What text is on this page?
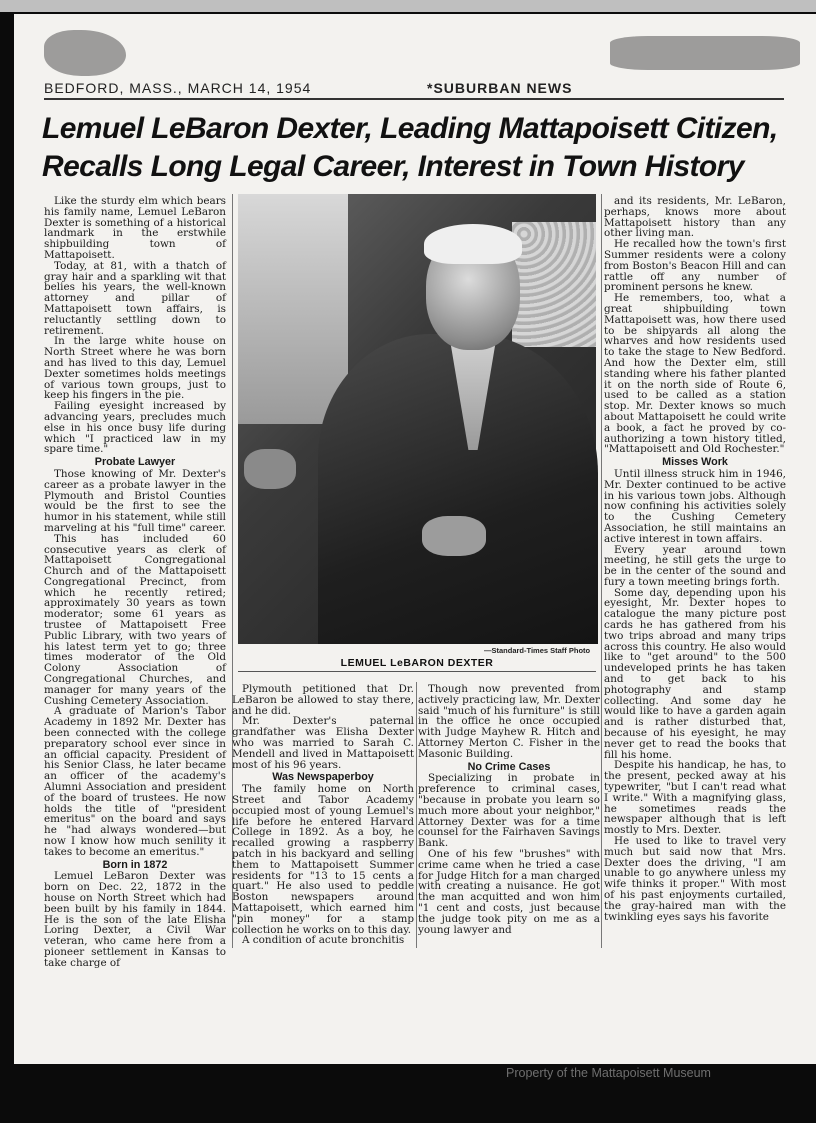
BEDFORD, MASS., MARCH 14, 1954	*SUBURBAN NEWS
Lemuel LeBaron Dexter, Leading Mattapoisett Citizen,
Recalls Long Legal Career, Interest in Town History

Like the sturdy elm which bears his family name, Lemuel LeBaron Dexter is something of a historical landmark in the erstwhile shipbuilding town of Mattapoisett.

Today, at 81, with a thatch of gray hair and a sparkling wit that belies his years, the well-known attorney and pillar of Mattapoisett town affairs, is reluctantly settling down to retirement.

In the large white house on North Street where he was born and has lived to this day, Lemuel Dexter sometimes holds meetings of various town groups, just to keep his fingers in the pie.

Failing eyesight increased by advancing years, precludes much else in his once busy life during which "I practiced law in my spare time."

Probate Lawyer

Those knowing of Mr. Dexter's career as a probate lawyer in the Plymouth and Bristol Counties would be the first to see the humor in his statement, while still marveling at his "full time" career.

This has included 60 consecutive years as clerk of Mattapoisett Congregational Church and of the Mattapoisett Congregational Precinct, from which he recently retired; approximately 30 years as town moderator; some 61 years as trustee of Mattapoisett Free Public Library, with two years of his latest term yet to go; three times moderator of the Old Colony Association of Congregational Churches, and manager for many years of the Cushing Cemetery Association.

A graduate of Marion's Tabor Academy in 1892 Mr. Dexter has been connected with the college preparatory school ever since in an official capacity. President of his Senior Class, he later became an officer of the academy's Alumni Association and president of the board of trustees. He now holds the title of "president emeritus" on the board and says he "had always wondered—but now I know how much senility it takes to become an emeritus."

Born in 1872

Lemuel LeBaron Dexter was born on Dec. 22, 1872 in the house on North Street which had been built by his family in 1844. He is the son of the late Elisha Loring Dexter, a Civil War veteran, who came here from a pioneer settlement in Kansas to take charge of

—Standard-Times Staff Photo
LEMUEL LeBARON DEXTER

Plymouth petitioned that Dr. LeBaron be allowed to stay there, and he did.

Mr. Dexter's paternal grandfather was Elisha Dexter who was married to Sarah C. Mendell and lived in Mattapoisett most of his 96 years.

Was Newspaperboy

The family home on North Street and Tabor Academy occupied most of young Lemuel's life before he entered Harvard College in 1892. As a boy, he recalled growing a raspberry patch in his backyard and selling them to Mattapoisett Summer residents for "13 to 15 cents a quart." He also used to peddle Boston newspapers around Mattapoisett, which earned him "pin money" for a stamp collection he works on to this day.

A condition of acute bronchitis

Though now prevented from actively practicing law, Mr. Dexter said "much of his furniture" is still in the office he once occupied with Judge Mayhew R. Hitch and Attorney Merton C. Fisher in the Masonic Building.

No Crime Cases

Specializing in probate in preference to criminal cases, "because in probate you learn so much more about your neighbor," Attorney Dexter was for a time counsel for the Fairhaven Savings Bank.

One of his few "brushes" with crime came when he tried a case for Judge Hitch for a man charged with creating a nuisance. He got the man acquitted and won him "1 cent and costs, just because the judge took pity on me as a young lawyer and

and its residents, Mr. LeBaron, perhaps, knows more about Mattapoisett history than any other living man.

He recalled how the town's first Summer residents were a colony from Boston's Beacon Hill and can rattle off any number of prominent persons he knew.

He remembers, too, what a great shipbuilding town Mattapoisett was, how there used to be shipyards all along the wharves and how residents used to take the stage to New Bedford. And how the Dexter elm, still standing where his father planted it on the north side of Route 6, used to be called as a station stop. Mr. Dexter knows so much about Mattapoisett he could write a book, a fact he proved by co-authorizing a town history titled, "Mattapoisett and Old Rochester."

Misses Work

Until illness struck him in 1946, Mr. Dexter continued to be active in his various town jobs. Although now confining his activities solely to the Cushing Cemetery Association, he still maintains an active interest in town affairs.

Every year around town meeting, he still gets the urge to be in the center of the sound and fury a town meeting brings forth.

Some day, depending upon his eyesight, Mr. Dexter hopes to catalogue the many picture post cards he has gathered from his two trips abroad and many trips across this country. He also would like to "get around" to the 500 undeveloped prints he has taken and to get back to his photography and stamp collecting. And some day he would like to have a garden again and is rather disturbed that, because of his eyesight, he may never get to read the books that fill his home.

Despite his handicap, he has, to the present, pecked away at his typewriter, "but I can't read what I write." With a magnifying glass, he sometimes reads the newspaper although that is left mostly to Mrs. Dexter.

He used to like to travel very much but said now that Mrs. Dexter does the driving, "I am unable to go anywhere unless my wife thinks it proper." With most of his past enjoyments curtailed, the gray-haired man with the twinkling eyes says his favorite

Property of the Mattapoisett Museum
